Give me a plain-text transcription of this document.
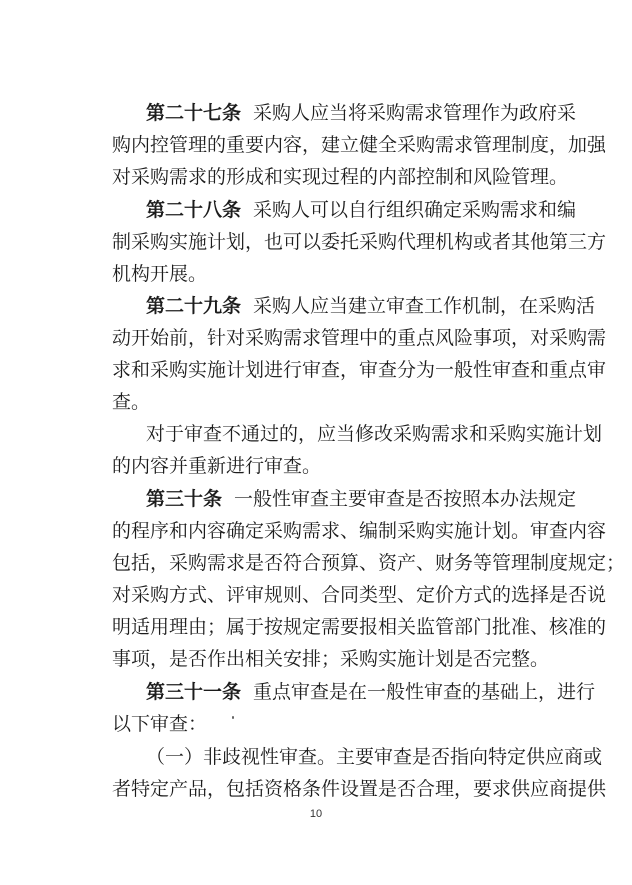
第二十七条 采购人应当将采购需求管理作为政府采
购内控管理的重要内容，建立健全采购需求管理制度，加强
对采购需求的形成和实现过程的内部控制和风险管理。
第二十八条 采购人可以自行组织确定采购需求和编
制采购实施计划，也可以委托采购代理机构或者其他第三方
机构开展。
第二十九条 采购人应当建立审查工作机制，在采购活
动开始前，针对采购需求管理中的重点风险事项，对采购需
求和采购实施计划进行审查，审查分为一般性审查和重点审
查。
对于审查不通过的，应当修改采购需求和采购实施计划
的内容并重新进行审查。
第三十条 一般性审查主要审查是否按照本办法规定
的程序和内容确定采购需求、编制采购实施计划。审查内容
包括，采购需求是否符合预算、资产、财务等管理制度规定；
对采购方式、评审规则、合同类型、定价方式的选择是否说
明适用理由；属于按规定需要报相关监管部门批准、核准的
事项，是否作出相关安排；采购实施计划是否完整。
第三十一条 重点审查是在一般性审查的基础上，进行
以下审查：
（一）非歧视性审查。主要审查是否指向特定供应商或
者特定产品，包括资格条件设置是否合理，要求供应商提供
10
